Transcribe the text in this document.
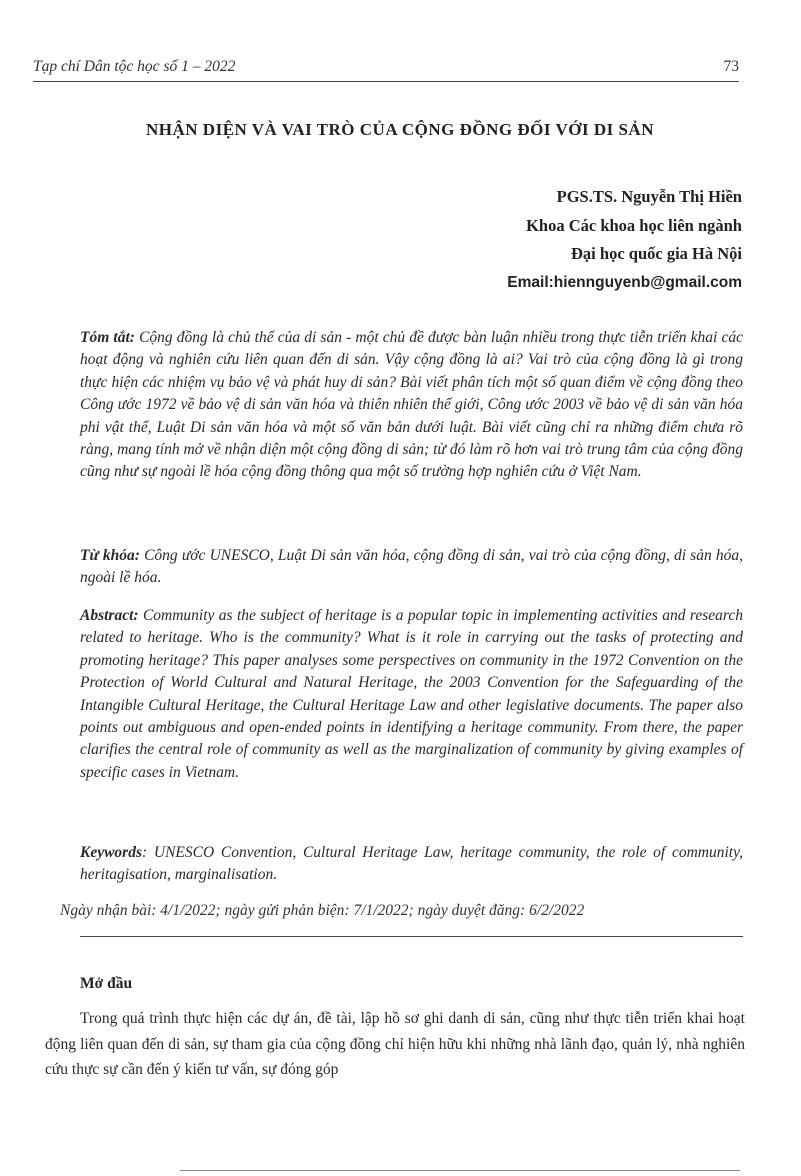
Tạp chí Dân tộc học số 1 – 2022	73
NHẬN DIỆN VÀ VAI TRÒ CỦA CỘNG ĐỒNG ĐỐI VỚI DI SẢN
PGS.TS. Nguyễn Thị Hiền
Khoa Các khoa học liên ngành
Đại học quốc gia Hà Nội
Email:hiennguyenb@gmail.com

Tóm tắt: Cộng đồng là chủ thể của di sản - một chủ đề được bàn luận nhiều trong thực tiễn triển khai các hoạt động và nghiên cứu liên quan đến di sản. Vậy cộng đồng là ai? Vai trò của cộng đồng là gì trong thực hiện các nhiệm vụ bảo vệ và phát huy di sản? Bài viết phân tích một số quan điểm về cộng đồng theo Công ước 1972 về bảo vệ di sản văn hóa và thiên nhiên thế giới, Công ước 2003 về bảo vệ di sản văn hóa phi vật thể, Luật Di sản văn hóa và một số văn bản dưới luật. Bài viết cũng chỉ ra những điểm chưa rõ ràng, mang tính mở về nhận diện một cộng đồng di sản; từ đó làm rõ hơn vai trò trung tâm của cộng đồng cũng như sự ngoài lề hóa cộng đồng thông qua một số trường hợp nghiên cứu ở Việt Nam.

Từ khóa: Công ước UNESCO, Luật Di sản văn hóa, cộng đồng di sản, vai trò của cộng đồng, di sản hóa, ngoài lề hóa.

Abstract: Community as the subject of heritage is a popular topic in implementing activities and research related to heritage. Who is the community? What is it role in carrying out the tasks of protecting and promoting heritage? This paper analyses some perspectives on community in the 1972 Convention on the Protection of World Cultural and Natural Heritage, the 2003 Convention for the Safeguarding of the Intangible Cultural Heritage, the Cultural Heritage Law and other legislative documents. The paper also points out ambiguous and open-ended points in identifying a heritage community. From there, the paper clarifies the central role of community as well as the marginalization of community by giving examples of specific cases in Vietnam.

Keywords: UNESCO Convention, Cultural Heritage Law, heritage community, the role of community, heritagisation, marginalisation.

Ngày nhận bài: 4/1/2022; ngày gửi phản biện: 7/1/2022; ngày duyệt đăng: 6/2/2022
Mở đầu

Trong quá trình thực hiện các dự án, đề tài, lập hồ sơ ghi danh di sản, cũng như thực tiễn triển khai hoạt động liên quan đến di sản, sự tham gia của cộng đồng chỉ hiện hữu khi những nhà lãnh đạo, quản lý, nhà nghiên cứu thực sự cần đến ý kiến tư vấn, sự đóng góp
